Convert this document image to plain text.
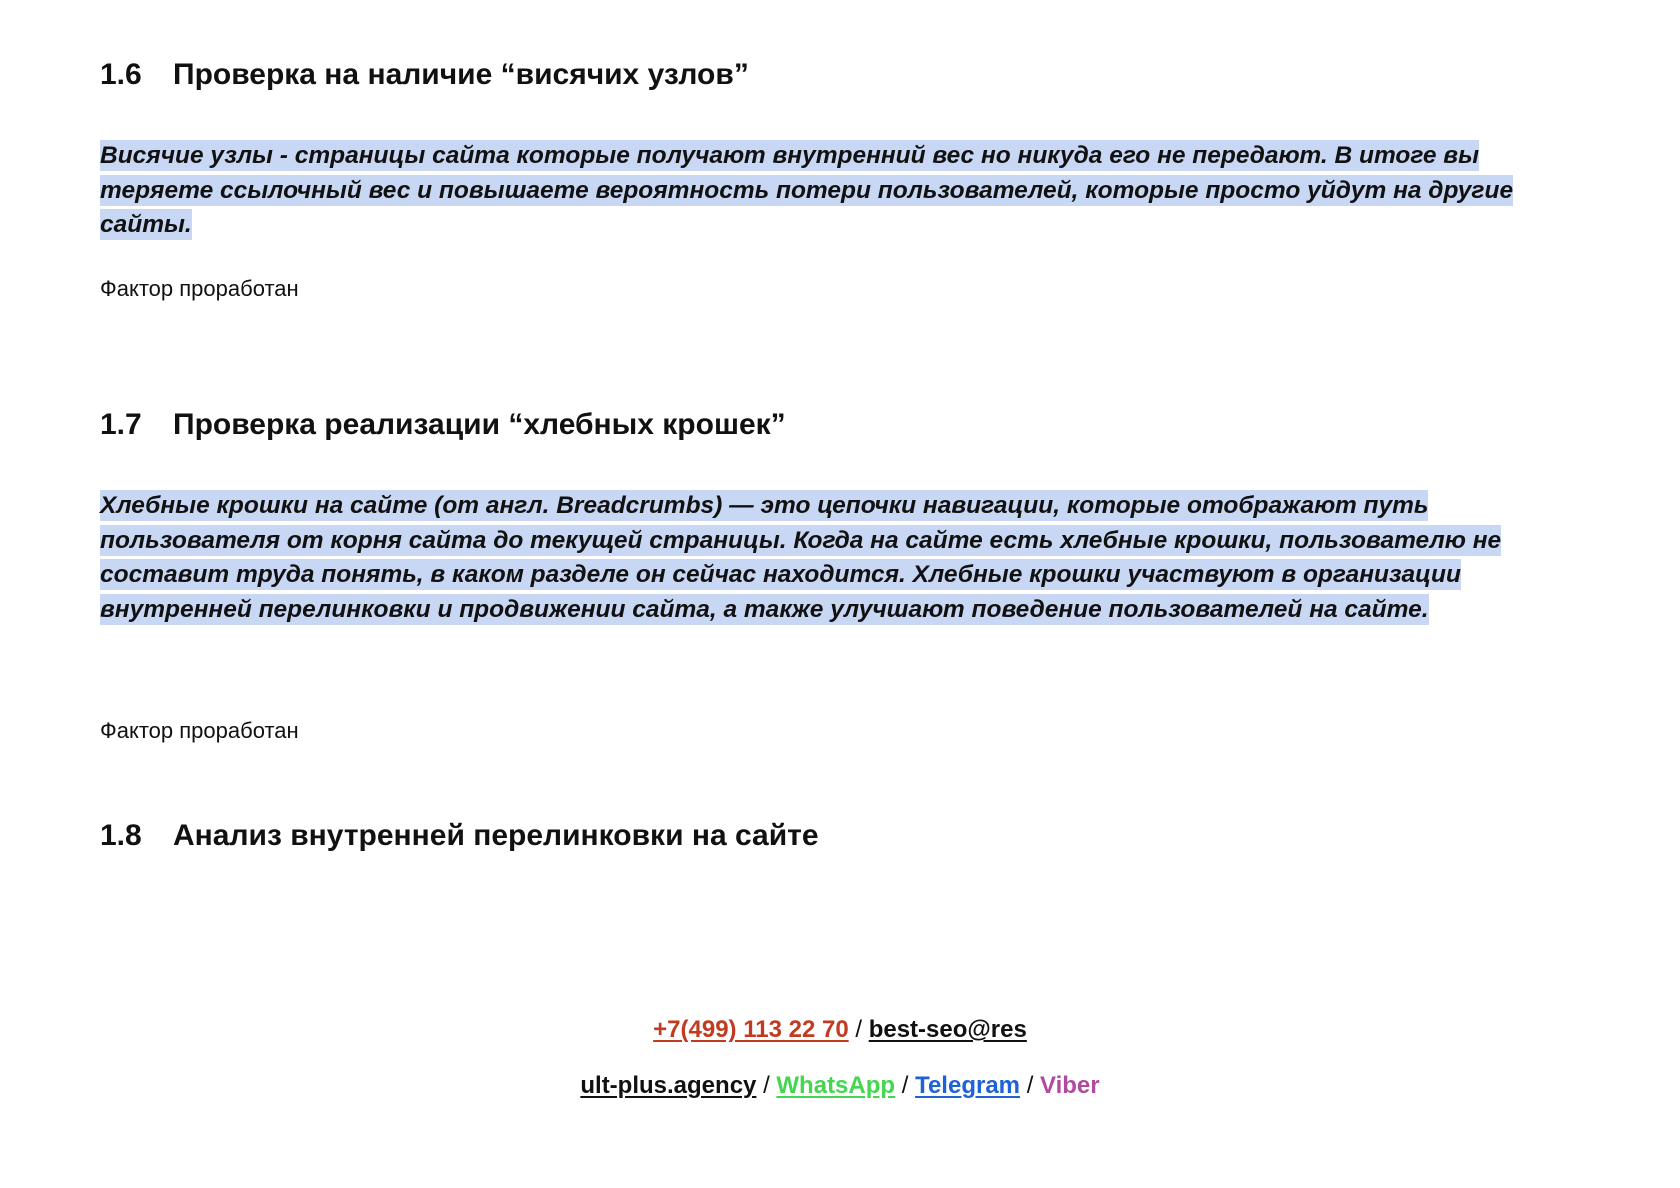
1.6 Проверка на наличие “висячих узлов”
Висячие узлы - страницы сайта которые получают внутренний вес но никуда его не передают. В итоге вы теряете ссылочный вес и повышаете вероятность потери пользователей, которые просто уйдут на другие сайты.
Фактор проработан
1.7 Проверка реализации “хлебных крошек”
Хлебные крошки на сайте (от англ. Breadcrumbs) — это цепочки навигации, которые отображают путь пользователя от корня сайта до текущей страницы. Когда на сайте есть хлебные крошки, пользователю не составит труда понять, в каком разделе он сейчас находится. Хлебные крошки участвуют в организации внутренней перелинковки и продвижении сайта, а также улучшают поведение пользователей на сайте.
Фактор проработан
1.8 Анализ внутренней перелинковки на сайте
+7(499) 113 22 70 / best-seo@res
ult-plus.agency / WhatsApp / Telegram / Viber
